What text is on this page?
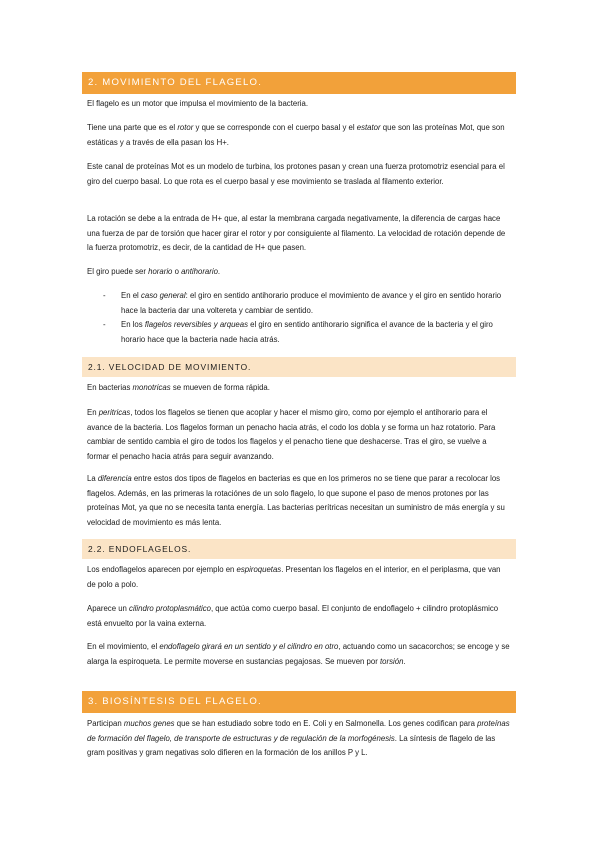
2. MOVIMIENTO DEL FLAGELO.

El flagelo es un motor que impulsa el movimiento de la bacteria.

Tiene una parte que es el rotor y que se corresponde con el cuerpo basal y el estator que son las proteínas Mot, que son estáticas y a través de ella pasan los H+.

Este canal de proteínas Mot es un modelo de turbina, los protones pasan y crean una fuerza protomotriz esencial para el giro del cuerpo basal. Lo que rota es el cuerpo basal y ese movimiento se traslada al filamento exterior.

La rotación se debe a la entrada de H+ que, al estar la membrana cargada negativamente, la diferencia de cargas hace una fuerza de par de torsión que hacer girar el rotor y por consiguiente al filamento. La velocidad de rotación depende de la fuerza protomotriz, es decir, de la cantidad de H+ que pasen.

El giro puede ser horario o antihorario.

- En el caso general: el giro en sentido antihorario produce el movimiento de avance y el giro en sentido horario hace la bacteria dar una voltereta y cambiar de sentido.

- En los flagelos reversibles y arqueas el giro en sentido antihorario significa el avance de la bacteria y el giro horario hace que la bacteria nade hacia atrás.

2.1. VELOCIDAD DE MOVIMIENTO.

En bacterias monotricas se mueven de forma rápida.

En peritricas, todos los flagelos se tienen que acoplar y hacer el mismo giro, como por ejemplo el antihorario para el avance de la bacteria. Los flagelos forman un penacho hacia atrás, el codo los dobla y se forma un haz rotatorio. Para cambiar de sentido cambia el giro de todos los flagelos y el penacho tiene que deshacerse. Tras el giro, se vuelve a formar el penacho hacia atrás para seguir avanzando.

La diferencia entre estos dos tipos de flagelos en bacterias es que en los primeros no se tiene que parar a recolocar los flagelos. Además, en las primeras la rotaciónes de un solo flagelo, lo que supone el paso de menos protones por las proteínas Mot, ya que no se necesita tanta energía. Las bacterias perítricas necesitan un suministro de más energía y su velocidad de movimiento es más lenta.

2.2. ENDOFLAGELOS.

Los endoflagelos aparecen por ejemplo en espiroquetas. Presentan los flagelos en el interior, en el periplasma, que van de polo a polo.

Aparece un cilindro protoplasmático, que actúa como cuerpo basal. El conjunto de endoflagelo + cilindro protoplásmico está envuelto por la vaina externa.

En el movimiento, el endoflagelo girará en un sentido y el cilindro en otro, actuando como un sacacorchos; se encoge y se alarga la espiroqueta. Le permite moverse en sustancias pegajosas. Se mueven por torsión.

3. BIOSÍNTESIS DEL FLAGELO.

Participan muchos genes que se han estudiado sobre todo en E. Coli y en Salmonella. Los genes codifican para proteínas de formación del flagelo, de transporte de estructuras y de regulación de la morfogénesis. La síntesis de flagelo de las gram positivas y gram negativas solo difieren en la formación de los anillos P y L.
